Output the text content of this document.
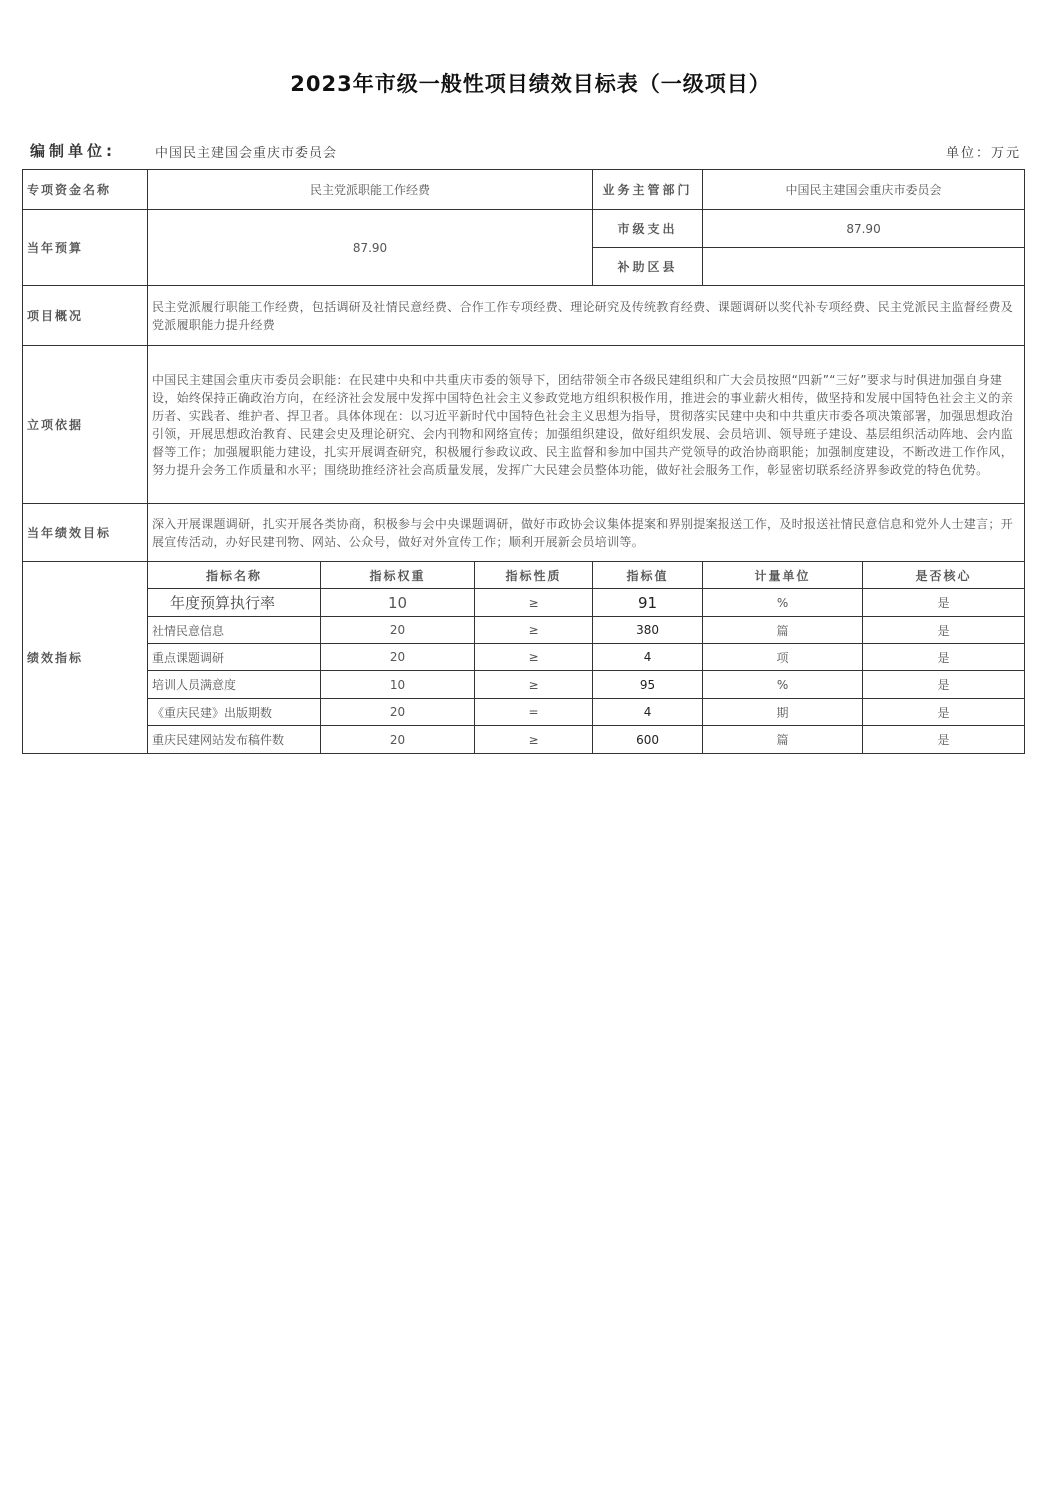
2023年市级一般性项目绩效目标表（一级项目）
编制单位:	中国民主建国会重庆市委员会	单位：万元
专项资金名称	民主党派职能工作经费			业务主管部门	中国民主建国会重庆市委员会	
当年预算	87.90			市级支出	87.90	
				补助区县		
项目概况	民主党派履行职能工作经费，包括调研及社情民意经费、合作工作专项经费、理论研究及传统教育经费、课题调研以奖代补专项经费、民主党派民主监督经费及党派履职能力提升经费					
立项依据	中国民主建国会重庆市委员会职能：在民建中央和中共重庆市委的领导下，团结带领全市各级民建组织和广大会员按照“四新”“三好”要求与时俱进加强自身建设，始终保持正确政治方向，在经济社会发展中发挥中国特色社会主义参政党地方组织积极作用，推进会的事业薪火相传，做坚持和发展中国特色社会主义的亲历者、实践者、维护者、捍卫者。具体体现在：以习近平新时代中国特色社会主义思想为指导，贯彻落实民建中央和中共重庆市委各项决策部署，加强思想政治引领，开展思想政治教育、民建会史及理论研究、会内刊物和网络宣传；加强组织建设，做好组织发展、会员培训、领导班子建设、基层组织活动阵地、会内监督等工作；加强履职能力建设，扎实开展调查研究，积极履行参政议政、民主监督和参加中国共产党领导的政治协商职能；加强制度建设，不断改进工作作风，努力提升会务工作质量和水平；围绕助推经济社会高质量发展，发挥广大民建会员整体功能，做好社会服务工作，彰显密切联系经济界参政党的特色优势。					
当年绩效目标	深入开展课题调研，扎实开展各类协商，积极参与会中央课题调研，做好市政协会议集体提案和界别提案报送工作，及时报送社情民意信息和党外人士建言；开展宣传活动，办好民建刊物、网站、公众号，做好对外宣传工作；顺利开展新会员培训等。					
绩效指标	指标名称	指标权重	指标性质	指标值	计量单位	是否核心
	年度预算执行率	10	≥	91	%	是
	社情民意信息	20	≥	380	篇	是
	重点课题调研	20	≥	4	项	是
	培训人员满意度	10	≥	95	%	是
	《重庆民建》出版期数	20	=	4	期	是
	重庆民建网站发布稿件数	20	≥	600	篇	是
